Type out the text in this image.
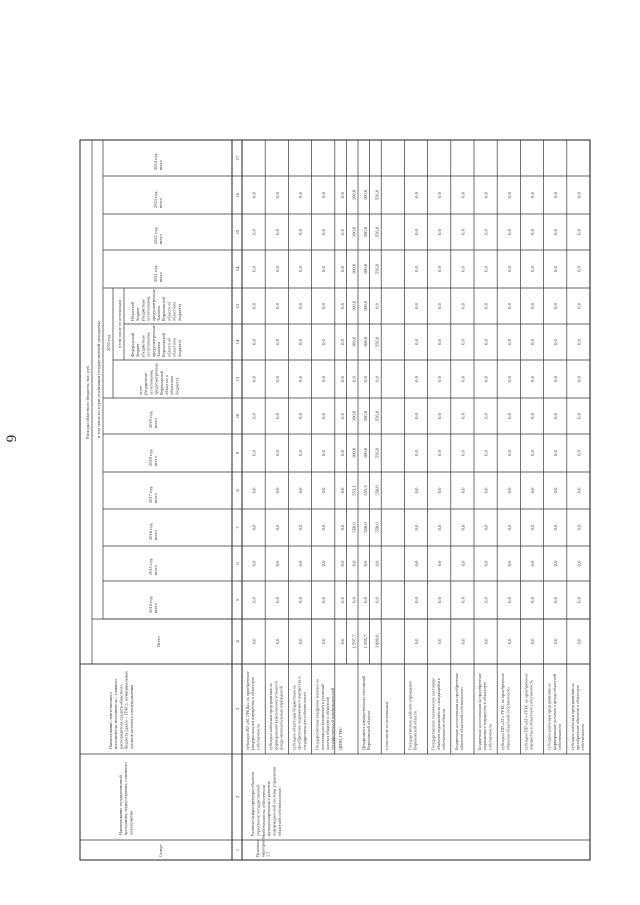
6
Статус
Наименование государственной программы, подпрограммы, основного мероприятия
Наименование ответственного исполнителя, исполнителя – главного распорядителя средств областного бюджета (далее – ГРБС), муниципальных органов местного самоуправления
Расходы областного бюджета, тыс. руб. в том числе по годам реализации государственной программы
Всего
2014 год, всего
2015 год, всего
2016 год, всего
2017 год, всего
2018 год, всего
2019 год, всего
2020 год
всего (бюджетные ассигнования, предусмотренные Воронежской областью о областном бюджете)
в том числе по источникам Федеральный бюджет (бюджетные ассигнования, предусмотренные Законом Воронежской области об областном бюджете)
Областной бюджет (бюджетные ассигнования, предусмотренные Законом Воронежской области об областном бюджете)
2021 год, всего
2022 год, всего
2023 год, всего
2024 год, всего
1
2
3
4
5
6
7
8
9
10
13
14
15
14
15
16
17
Основное мероприятие 1.5
Развитие инфраструктуры объектов управления государственной собственности, обеспечения функционирования и развития информационной системы управления областной собственностью
субсидии АО «АС ГРЕДа» на приобретение (модернизацию) имущества в областную собственность
0,0
0,0
0,0
0,0
0,0
0,0
0,0
0,0
0,0
0,0
0,0
0,0
0,0
субсидии казённым предприятиям на формирование (увеличение) уставного фонда муниципальных учреждений
0,0
0,0
0,0
0,0
0,0
0,0
0,0
0,0
0,0
0,0
0,0
0,0
0,0
субсидии областным бюджетным на приобретение недвижимого имущества в государственную собственность
0,0
0,0
0,0
0,0
0,0
0,0
0,0
0,0
0,0
0,0
0,0
0,0
0,0
Государственные внедрения техники на инсталляцию (вложение) в уставный капитал обществ и областной государственной информационной
0,0
0,0
0,0
0,0
0,0
0,0
0,0
0,0
0,0
0,0
0,0
0,0
0,0
ДИЗО, ГРБС
0,0
0,0
0,0
0,0
0,0
0,0
0,0
0,0
0,0
0,0
0,0
0,0
0,0
1 597,7
0,0
0,0
558,0
553,1
100,0
100,0
0,0
100,0
100,0
100,0
100,0
100,0
Департамент имущественных отношений Воронежской области
1 595,7
0,0
0,0
558,0
553,3
100,0
100,0
0,0
100,0
100,0
100,0
100,0
100,0
3 886,0
0,0
0,0
558,0
558,0
556,0
556,0
0,0
556,0
0,0
556,0
556,0
556,0
в том числе по источникам	Государственное казённое учреждение Воронежской области
0,0
0,0
0,0
0,0
0,0
0,0
0,0
0,0
0,0
0,0
0,0
0,0
0,0
Государственное техническое состояние объектов недвижимости, находящейся в собственности области
0,0
0,0
0,0
0,0
0,0
0,0
0,0
0,0
0,0
0,0
0,0
0,0
0,0
Бюджетные ассигнования на приобретение объектов областной собственности
0,0
0,0
0,0
0,0
0,0
0,0
0,0
0,0
0,0
0,0
0,0
0,0
0,0
Бюджетные ассигнования на приобретение недвижимого имущества в областную собственность
0,0
0,0
0,0
0,0
0,0
0,0
0,0
0,0
0,0
0,0
0,0
0,0
0,0
субсидии ПП «АГ»-ГРБС на приобретение объектов областной собственности
0,0
0,0
0,0
0,0
0,0
0,0
0,0
0,0
0,0
0,0
0,0
0,0
0,0
субсидии ПП «АГ»-ГРБС на приобретение имущества в областную собственность
0,0
0,0
0,0
0,0
0,0
0,0
0,0
0,0
0,0
0,0
0,0
0,0
0,0
субсидии казённым предприятиям на формирование уставного фонда областной собственности
0,0
0,0
0,0
0,0
0,0
0,0
0,0
0,0
0,0
0,0
0,0
0,0
0,0
субсидии казённым предприятиям на приобретение объектов в областную собственность
0,0
0,0
0,0
0,0
0,0
0,0
0,0
0,0
0,0
0,0
0,0
0,0
0,0
